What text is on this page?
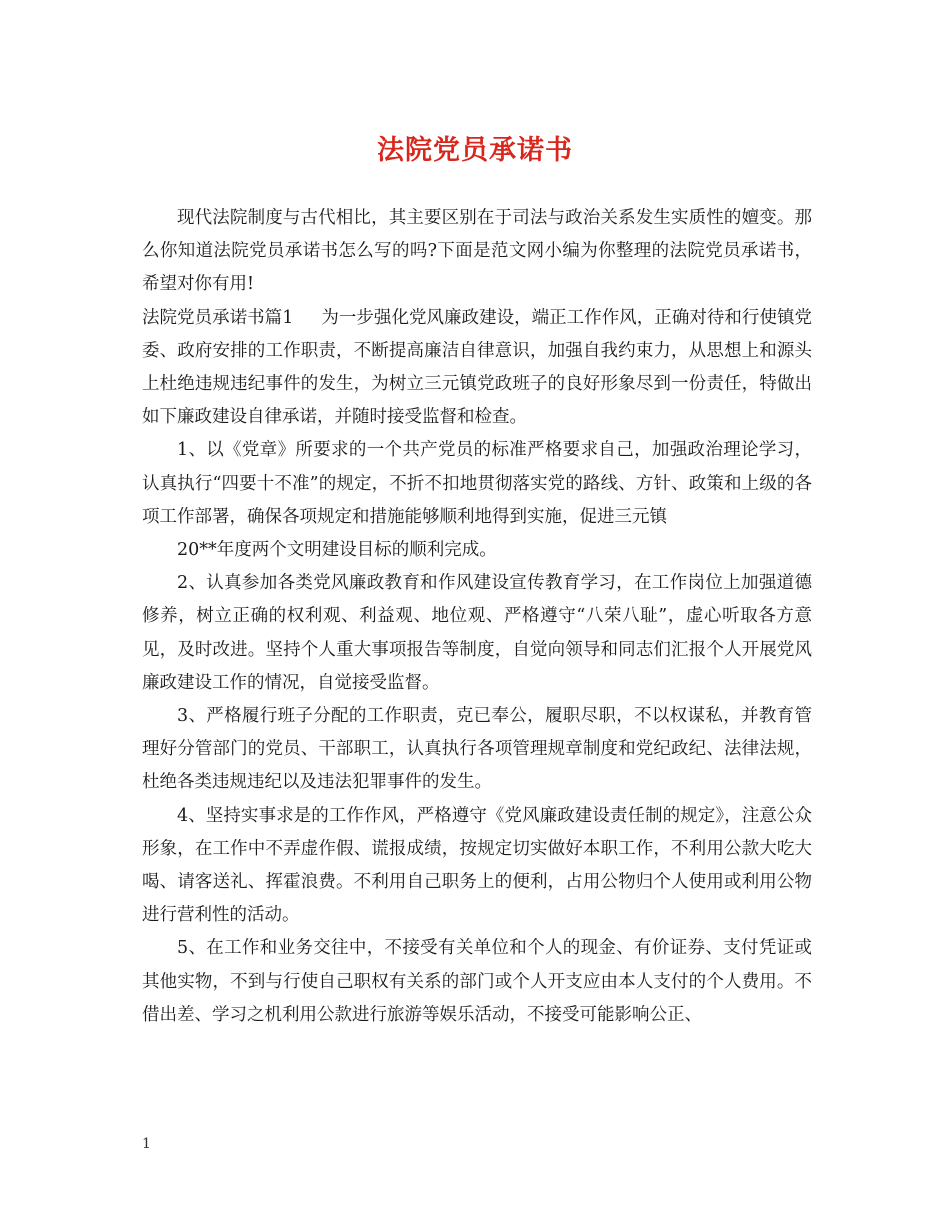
法院党员承诺书

现代法院制度与古代相比，其主要区别在于司法与政治关系发生实质性的嬗变。那么你知道法院党员承诺书怎么写的吗?下面是范文网小编为你整理的法院党员承诺书，希望对你有用!

法院党员承诺书篇1 为一步强化党风廉政建设，端正工作作风，正确对待和行使镇党委、政府安排的工作职责，不断提高廉洁自律意识，加强自我约束力，从思想上和源头上杜绝违规违纪事件的发生，为树立三元镇党政班子的良好形象尽到一份责任，特做出如下廉政建设自律承诺，并随时接受监督和检查。

1、以《党章》所要求的一个共产党员的标准严格要求自己，加强政治理论学习，认真执行“四要十不准”的规定，不折不扣地贯彻落实党的路线、方针、政策和上级的各项工作部署，确保各项规定和措施能够顺利地得到实施，促进三元镇

20**年度两个文明建设目标的顺利完成。

2、认真参加各类党风廉政教育和作风建设宣传教育学习，在工作岗位上加强道德修养，树立正确的权利观、利益观、地位观、严格遵守“八荣八耻”，虚心听取各方意见，及时改进。坚持个人重大事项报告等制度，自觉向领导和同志们汇报个人开展党风廉政建设工作的情况，自觉接受监督。

3、严格履行班子分配的工作职责，克已奉公，履职尽职，不以权谋私，并教育管理好分管部门的党员、干部职工，认真执行各项管理规章制度和党纪政纪、法律法规，杜绝各类违规违纪以及违法犯罪事件的发生。

4、坚持实事求是的工作作风，严格遵守《党风廉政建设责任制的规定》，注意公众形象，在工作中不弄虚作假、谎报成绩，按规定切实做好本职工作，不利用公款大吃大喝、请客送礼、挥霍浪费。不利用自己职务上的便利，占用公物归个人使用或利用公物进行营利性的活动。

5、在工作和业务交往中，不接受有关单位和个人的现金、有价证券、支付凭证或其他实物，不到与行使自己职权有关系的部门或个人开支应由本人支付的个人费用。不借出差、学习之机利用公款进行旅游等娱乐活动，不接受可能影响公正、

1
